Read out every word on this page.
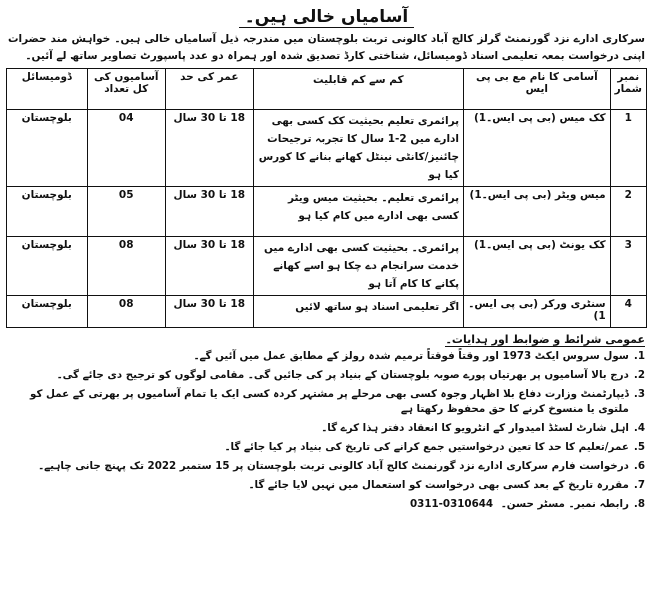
آسامیاں خالی ہیں۔
سرکاری ادارے نزد گورنمنٹ گرلز کالج آباد کالونی تربت بلوچستان میں مندرجہ ذیل آسامیاں خالی ہیں۔ خواہش مند حضرات اپنی درخواست بمعہ تعلیمی اسناد ڈومیسائل، شناختی کارڈ تصدیق شدہ اور ہمراہ دو عدد پاسپورٹ تصاویر ساتھ لے آئیں۔
نمبر شمار	آسامی کا نام مع بی پی ایس	کم سے کم قابلیت	عمر کی حد	آسامیوں کی کل تعداد	ڈومیسائل
1	کک میس (بی پی ایس۔1)	پرائمری تعلیم بحیثیت کک کسی بھی ادارے میں 2-1 سال کا تجربہ ترجیحات چائنیز/کانٹی نینٹل کھانے بنانے کا کورس کیا ہو	18 تا 30 سال	04	بلوچستان
2	میس ویٹر (بی پی ایس۔1)	پرائمری تعلیم۔ بحیثیت میس ویٹر کسی بھی ادارے میں کام کیا ہو	18 تا 30 سال	05	بلوچستان
3	کک یونٹ (بی پی ایس۔1)	پرائمری۔ بحیثیت کسی بھی ادارے میں خدمت سرانجام دے چکا ہو اسے کھانے پکانے کا کام آتا ہو	18 تا 30 سال	08	بلوچستان
4	سنٹری ورکر (بی پی ایس۔1)	اگر تعلیمی اسناد ہو ساتھ لائیں	18 تا 30 سال	08	بلوچستان
عمومی شرائط و ضوابط اور ہدایات۔
1.
سول سروس ایکٹ 1973 اور وقتاً فوقتاً ترمیم شدہ رولز کے مطابق عمل میں آئیں گے۔
2.
درج بالا آسامیوں پر بھرتیاں پورے صوبہ بلوچستان کے بنیاد پر کی جائیں گی۔ مقامی لوگوں کو ترجیح دی جائے گی۔
3.
ڈیپارٹمنٹ وزارت دفاع بلا اظہار وجوہ کسی بھی مرحلے پر مشتہر کردہ کسی ایک یا تمام آسامیوں پر بھرتی کے عمل کو ملتوی یا منسوخ کرنے کا حق محفوظ رکھتا ہے
4.
اہل شارٹ لسٹڈ امیدوار کے انٹرویو کا انعقاد دفتر ہذا کرے گا۔
5.
عمر/تعلیم کا حد کا تعین درخواستیں جمع کرانے کی تاریخ کی بنیاد پر کیا جائے گا۔
6.
درخواست فارم سرکاری ادارے نزد گورنمنٹ کالج آباد کالونی تربت بلوچستان پر 15 ستمبر 2022 تک پہنچ جانی چاہیے۔
7.
مقررہ تاریخ کے بعد کسی بھی درخواست کو استعمال میں نہیں لایا جائے گا۔
8.
رابطہ نمبر۔ مسٹر حسن۔

0311-0310644
